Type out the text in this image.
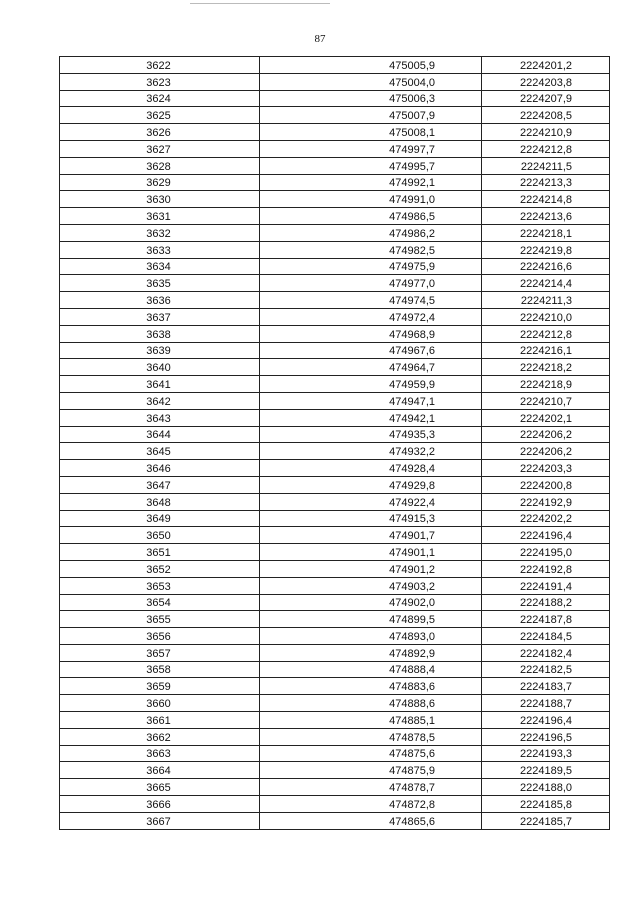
87
3622	475005,9	2224201,2
3623	475004,0	2224203,8
3624	475006,3	2224207,9
3625	475007,9	2224208,5
3626	475008,1	2224210,9
3627	474997,7	2224212,8
3628	474995,7	2224211,5
3629	474992,1	2224213,3
3630	474991,0	2224214,8
3631	474986,5	2224213,6
3632	474986,2	2224218,1
3633	474982,5	2224219,8
3634	474975,9	2224216,6
3635	474977,0	2224214,4
3636	474974,5	2224211,3
3637	474972,4	2224210,0
3638	474968,9	2224212,8
3639	474967,6	2224216,1
3640	474964,7	2224218,2
3641	474959,9	2224218,9
3642	474947,1	2224210,7
3643	474942,1	2224202,1
3644	474935,3	2224206,2
3645	474932,2	2224206,2
3646	474928,4	2224203,3
3647	474929,8	2224200,8
3648	474922,4	2224192,9
3649	474915,3	2224202,2
3650	474901,7	2224196,4
3651	474901,1	2224195,0
3652	474901,2	2224192,8
3653	474903,2	2224191,4
3654	474902,0	2224188,2
3655	474899,5	2224187,8
3656	474893,0	2224184,5
3657	474892,9	2224182,4
3658	474888,4	2224182,5
3659	474883,6	2224183,7
3660	474888,6	2224188,7
3661	474885,1	2224196,4
3662	474878,5	2224196,5
3663	474875,6	2224193,3
3664	474875,9	2224189,5
3665	474878,7	2224188,0
3666	474872,8	2224185,8
3667	474865,6	2224185,7
